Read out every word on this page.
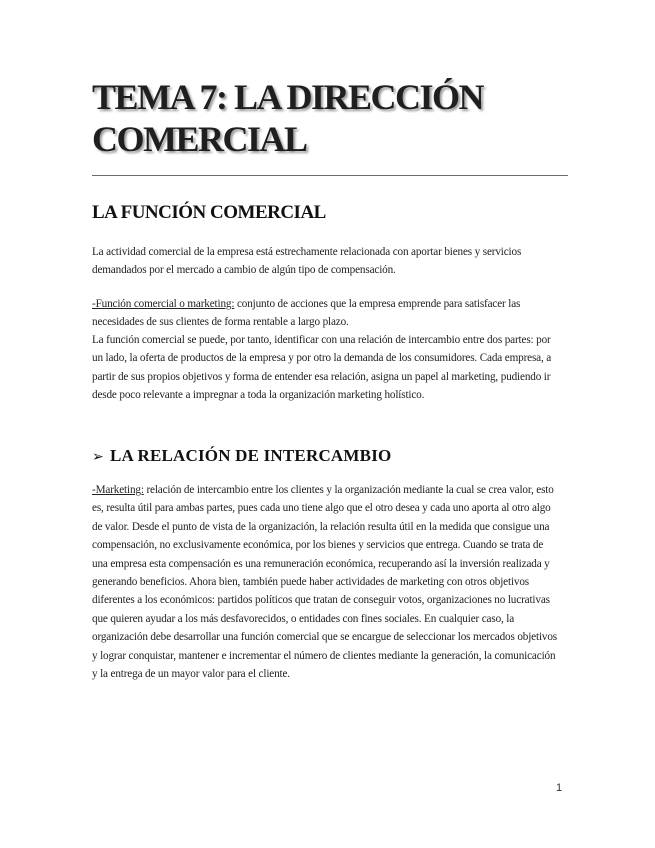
TEMA 7: LA DIRECCIÓN COMERCIAL
LA FUNCIÓN COMERCIAL

La actividad comercial de la empresa está estrechamente relacionada con aportar bienes y servicios demandados por el mercado a cambio de algún tipo de compensación.

-Función comercial o marketing: conjunto de acciones que la empresa emprende para satisfacer las necesidades de sus clientes de forma rentable a largo plazo.

La función comercial se puede, por tanto, identificar con una relación de intercambio entre dos partes: por un lado, la oferta de productos de la empresa y por otro la demanda de los consumidores. Cada empresa, a partir de sus propios objetivos y forma de entender esa relación, asigna un papel al marketing, pudiendo ir desde poco relevante a impregnar a toda la organización marketing holístico.

➢ LA RELACIÓN DE INTERCAMBIO

-Marketing: relación de intercambio entre los clientes y la organización mediante la cual se crea valor, esto es, resulta útil para ambas partes, pues cada uno tiene algo que el otro desea y cada uno aporta al otro algo de valor. Desde el punto de vista de la organización, la relación resulta útil en la medida que consigue una compensación, no exclusivamente económica, por los bienes y servicios que entrega. Cuando se trata de una empresa esta compensación es una remuneración económica, recuperando así la inversión realizada y generando beneficios. Ahora bien, también puede haber actividades de marketing con otros objetivos diferentes a los económicos: partidos políticos que tratan de conseguir votos, organizaciones no lucrativas que quieren ayudar a los más desfavorecidos, o entidades con fines sociales. En cualquier caso, la organización debe desarrollar una función comercial que se encargue de seleccionar los mercados objetivos y lograr conquistar, mantener e incrementar el número de clientes mediante la generación, la comunicación y la entrega de un mayor valor para el cliente.

1
